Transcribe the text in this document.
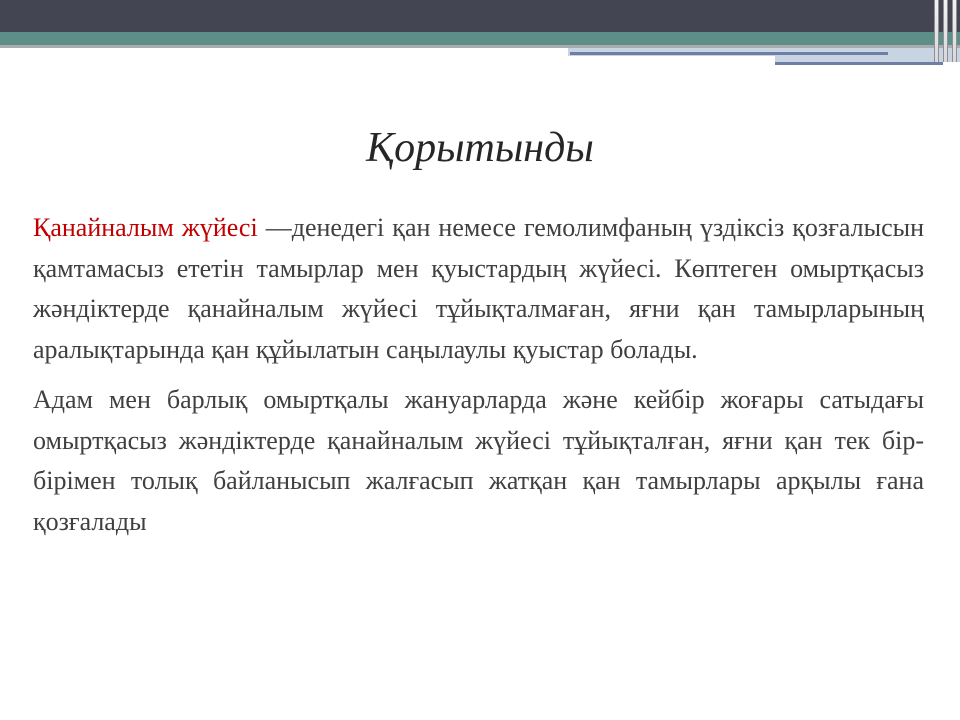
Қорытынды

Қанайналым жүйесі —денедегі қан немесе гемолимфаның үздіксіз қозғалысын қамтамасыз ететін тамырлар мен қуыстардың жүйесі. Көптеген омыртқасыз жәндіктерде қанайналым жүйесі тұйықталмаған, яғни қан тамырларының аралықтарында қан құйылатын саңылаулы қуыстар болады.

Адам мен барлық омыртқалы жануарларда және кейбір жоғары сатыдағы омыртқасыз жәндіктерде қанайналым жүйесі тұйықталған, яғни қан тек бір-бірімен толық байланысып жалғасып жатқан қан тамырлары арқылы ғана қозғалады
